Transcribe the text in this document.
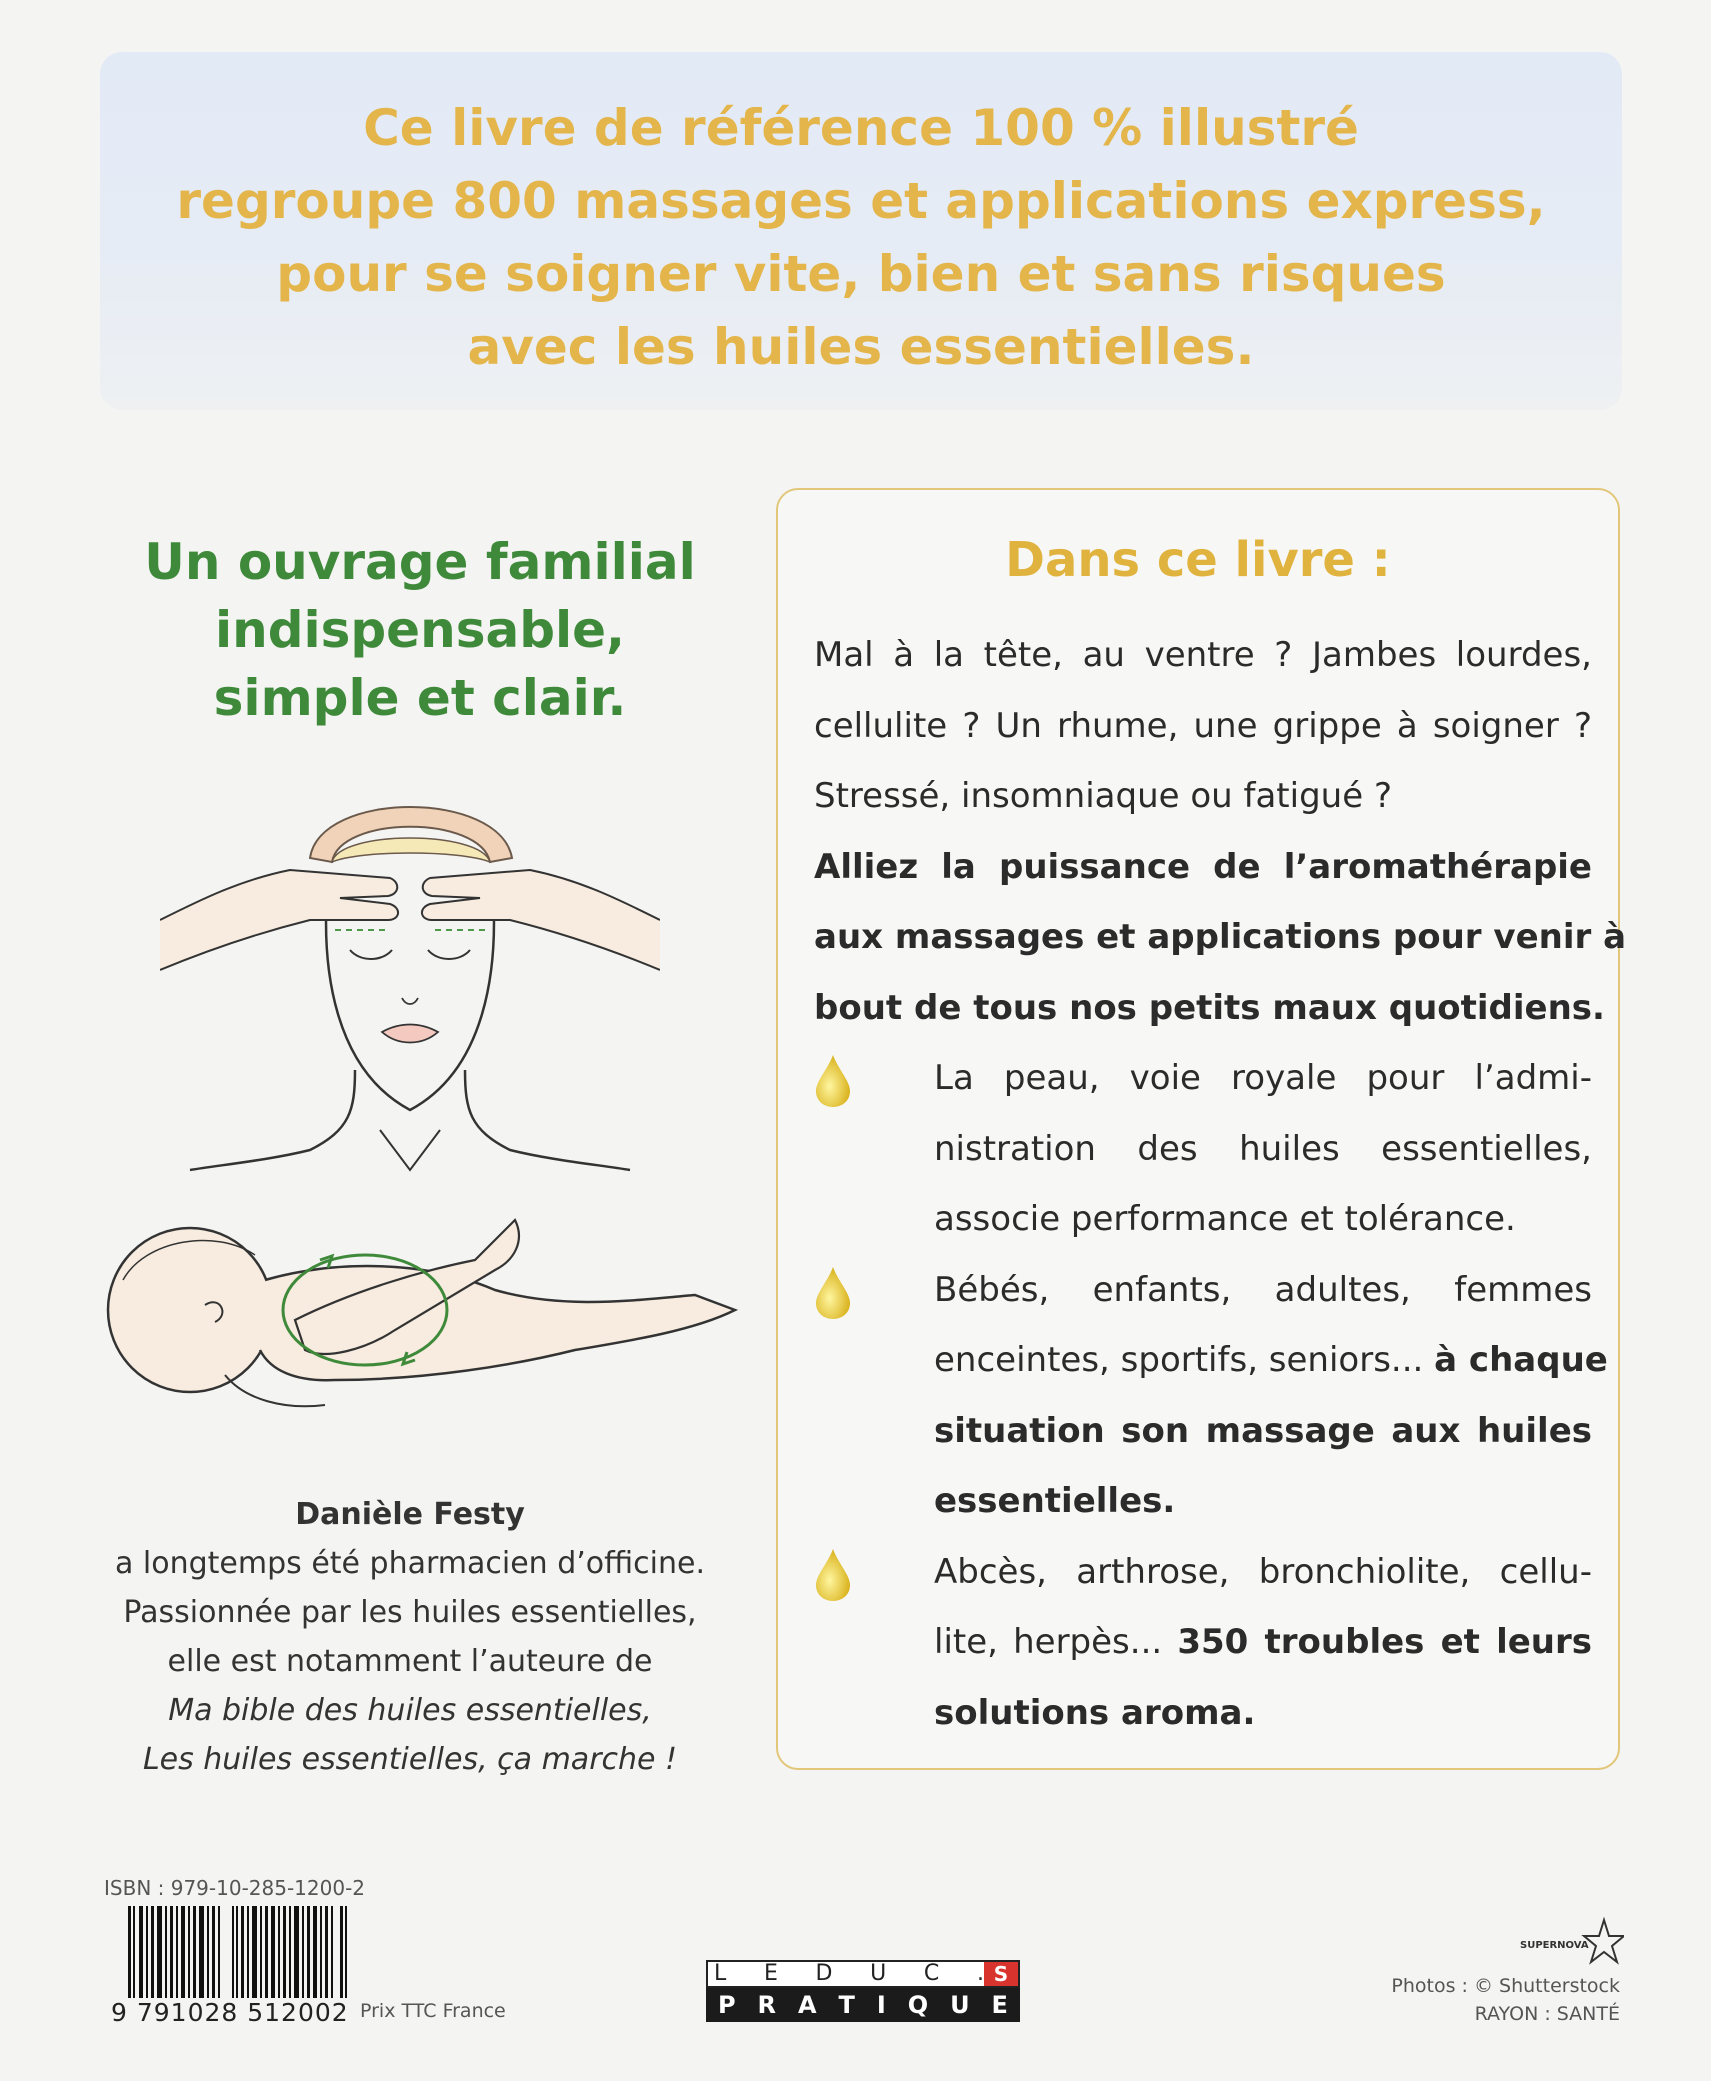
Ce livre de référence 100 % illustré
regroupe 800 massages et applications express,
pour se soigner vite, bien et sans risques
avec les huiles essentielles.
Un ouvrage familial
indispensable,
simple et clair.
Danièle Festy
a longtemps été pharmacien d’officine.
Passionnée par les huiles essentielles,
elle est notamment l’auteure de
Ma bible des huiles essentielles,
Les huiles essentielles, ça marche !
Dans ce livre :
Mal à la tête, au ventre ? Jambes lourdes,
cellulite ? Un rhume, une grippe à soigner ?
Stressé, insomniaque ou fatigué ?
Alliez la puissance de l’aromathérapie
aux massages et applications pour venir à
bout de tous nos petits maux quotidiens.
La peau, voie royale pour l’admi-
nistration des huiles essentielles,
associe performance et tolérance.
Bébés, enfants, adultes, femmes
enceintes, sportifs, seniors... à chaque
situation son massage aux huiles
essentielles.
Abcès, arthrose, bronchiolite, cellu-
lite, herpès... 350 troubles et leurs
solutions aroma.
ISBN : 979-10-285-1200-2
9 791028 512002 Prix TTC France
L E D U C . S
P R A T I Q U E
SUPERNOVA
Photos : © Shutterstock
RAYON : SANTÉ
